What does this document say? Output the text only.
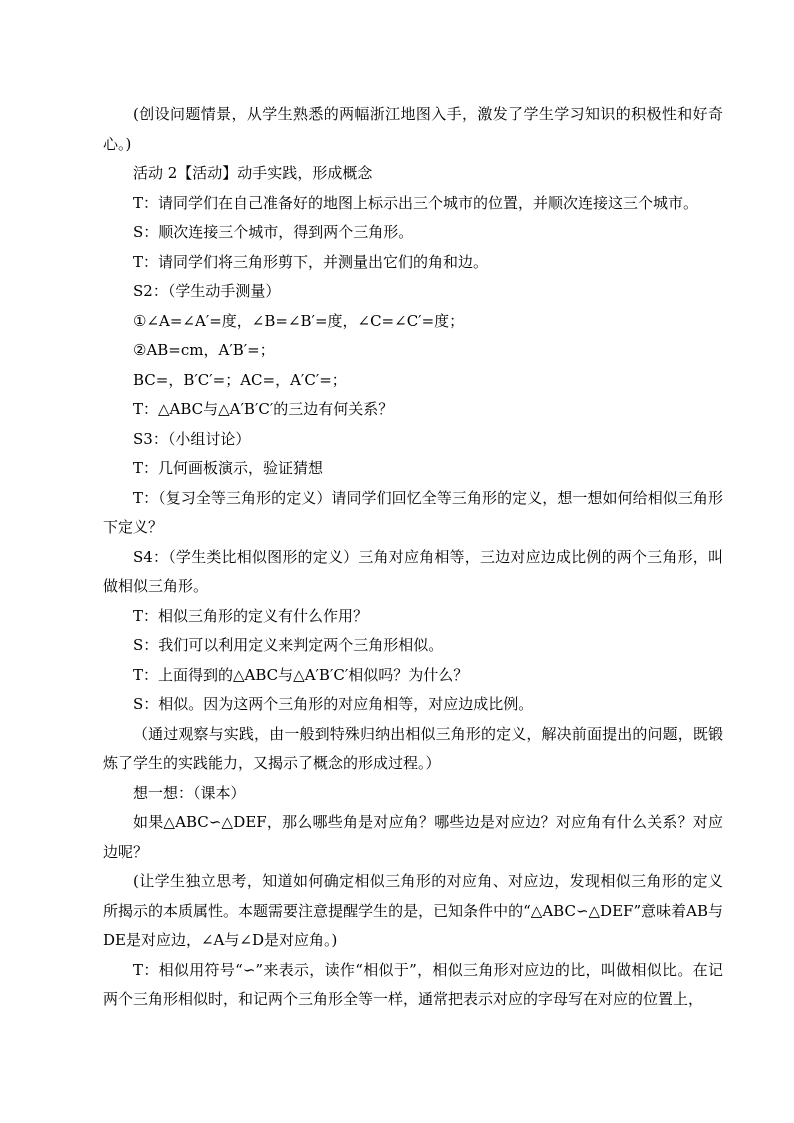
(创设问题情景，从学生熟悉的两幅浙江地图入手，激发了学生学习知识的积极性和好奇心。)

活动 2【活动】动手实践，形成概念

T：请同学们在自己准备好的地图上标示出三个城市的位置，并顺次连接这三个城市。

S：顺次连接三个城市，得到两个三角形。

T：请同学们将三角形剪下，并测量出它们的角和边。

S2：（学生动手测量）

①∠A=∠A′=度，∠B=∠B′=度，∠C=∠C′=度；

②AB=cm，A′B′=；

BC=，B′C′=；AC=，A′C′=；

T：△ABC与△A′B′C′的三边有何关系？

S3：（小组讨论）

T：几何画板演示，验证猜想

T：（复习全等三角形的定义）请同学们回忆全等三角形的定义，想一想如何给相似三角形下定义？

S4：（学生类比相似图形的定义）三角对应角相等，三边对应边成比例的两个三角形，叫做相似三角形。

T：相似三角形的定义有什么作用？

S：我们可以利用定义来判定两个三角形相似。

T：上面得到的△ABC与△A′B′C′相似吗？为什么？

S：相似。因为这两个三角形的对应角相等，对应边成比例。

（通过观察与实践，由一般到特殊归纳出相似三角形的定义，解决前面提出的问题，既锻炼了学生的实践能力，又揭示了概念的形成过程。）

想一想：（课本）

如果△ABC∽△DEF，那么哪些角是对应角？哪些边是对应边？对应角有什么关系？对应边呢？

(让学生独立思考，知道如何确定相似三角形的对应角、对应边，发现相似三角形的定义所揭示的本质属性。本题需要注意提醒学生的是，已知条件中的“△ABC∽△DEF”意味着AB与DE是对应边，∠A与∠D是对应角。)

T：相似用符号“∽”来表示，读作“相似于”，相似三角形对应边的比，叫做相似比。在记两个三角形相似时，和记两个三角形全等一样，通常把表示对应的字母写在对应的位置上，
